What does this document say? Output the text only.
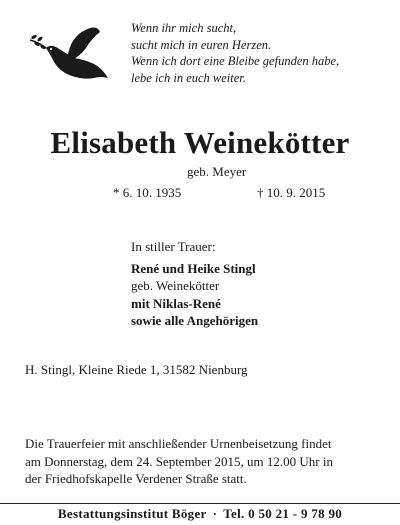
Wenn ihr mich sucht,
sucht mich in euren Herzen.
Wenn ich dort eine Bleibe gefunden habe,
lebe ich in euch weiter.
Elisabeth Weinekötter
geb. Meyer
* 6. 10. 1935	† 10. 9. 2015
In stiller Trauer:
René und Heike Stingl
geb. Weinekötter
mit Niklas-René
sowie alle Angehörigen
H. Stingl, Kleine Riede 1, 31582 Nienburg
Die Trauerfeier mit anschließender Urnenbeisetzung findet
am Donnerstag, dem 24. September 2015, um 12.00 Uhr in
der Friedhofskapelle Verdener Straße statt.
Bestattungsinstitut Böger · Tel. 0 50 21 - 9 78 90
